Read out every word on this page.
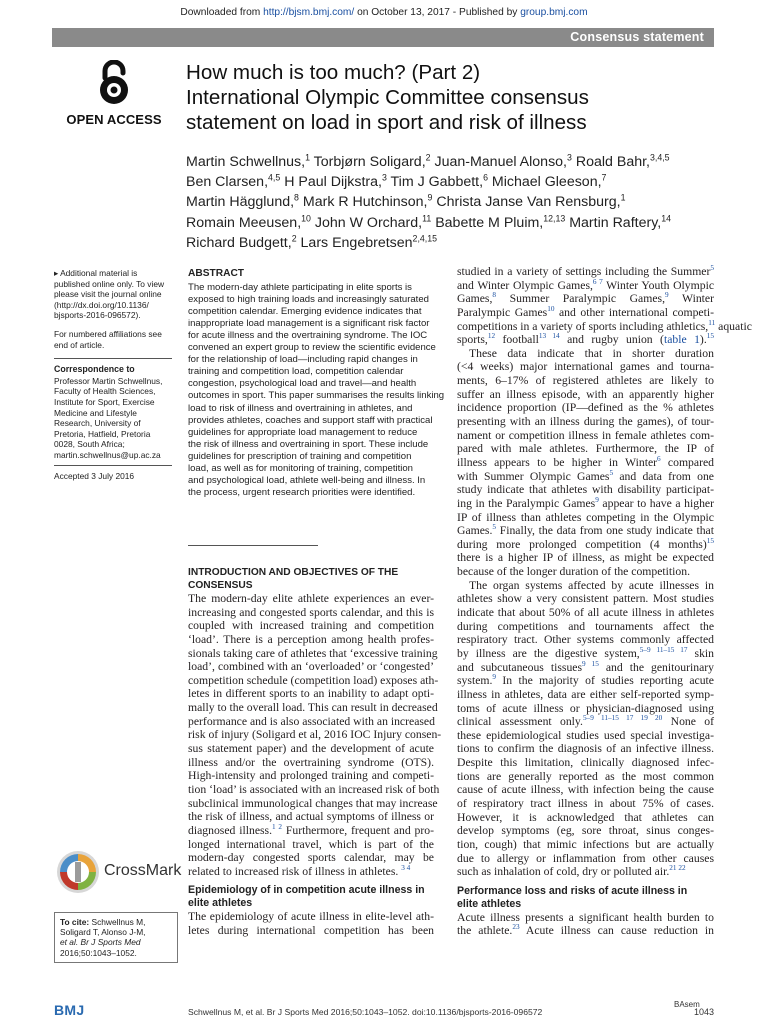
Downloaded from http://bjsm.bmj.com/ on October 13, 2017 - Published by group.bmj.com
Consensus statement
OPEN ACCESS
How much is too much? (Part 2)
International Olympic Committee consensus
statement on load in sport and risk of illness
Martin Schwellnus,$^1$ Torbjørn Soligard,$^2$ Juan-Manuel Alonso,$^3$ Roald Bahr,$^{3,4,5}$
Ben Clarsen,$^{4,5}$ H Paul Dijkstra,$^3$ Tim J Gabbett,$^6$ Michael Gleeson,$^7$
Martin Hägglund,$^8$ Mark R Hutchinson,$^9$ Christa Janse Van Rensburg,$^1$
Romain Meeusen,$^{10}$ John W Orchard,$^{11}$ Babette M Pluim,$^{12,13}$ Martin Raftery,$^{14}$
Richard Budgett,$^2$ Lars Engebretsen$^{2,4,15}$
▸ Additional material is
published online only. To view
please visit the journal online
(http://dx.doi.org/10.1136/
bjsports-2016-096572).
For numbered affiliations see
end of article.
Correspondence to
Professor Martin Schwellnus,
Faculty of Health Sciences,
Institute for Sport, Exercise
Medicine and Lifestyle
Research, University of
Pretoria, Hatfield, Pretoria
0028, South Africa;
martin.schwellnus@up.ac.za
Accepted 3 July 2016
CrossMark
To cite: Schwellnus M,
Soligard T, Alonso J-M,
et al. Br J Sports Med
2016;50:1043–1052.
BMJ
ABSTRACT
The modern-day athlete participating in elite sports is
exposed to high training loads and increasingly saturated
competition calendar. Emerging evidence indicates that
inappropriate load management is a significant risk factor
for acute illness and the overtraining syndrome. The IOC
convened an expert group to review the scientific evidence
for the relationship of load—including rapid changes in
training and competition load, competition calendar
congestion, psychological load and travel—and health
outcomes in sport. This paper summarises the results linking
load to risk of illness and overtraining in athletes, and
provides athletes, coaches and support staff with practical
guidelines for appropriate load management to reduce
the risk of illness and overtraining in sport. These include
guidelines for prescription of training and competition
load, as well as for monitoring of training, competition
and psychological load, athlete well-being and illness. In
the process, urgent research priorities were identified.
INTRODUCTION AND OBJECTIVES OF THE
CONSENSUS
The modern-day elite athlete experiences an ever-
increasing and congested sports calendar, and this is
coupled with increased training and competition
‘load’. There is a perception among health profes-
sionals taking care of athletes that ‘excessive training
load’, combined with an ‘overloaded’ or ‘congested’
competition schedule (competition load) exposes ath-
letes in different sports to an inability to adapt opti-
mally to the overall load. This can result in decreased
performance and is also associated with an increased
risk of injury (Soligard et al, 2016 IOC Injury consen-
sus statement paper) and the development of acute
illness and/or the overtraining syndrome (OTS).
High-intensity and prolonged training and competi-
tion ‘load’ is associated with an increased risk of both
subclinical immunological changes that may increase
the risk of illness, and actual symptoms of illness or
diagnosed illness.$^{1 2}$ Furthermore, frequent and pro-
longed international travel, which is part of the
modern-day congested sports calendar, may be
related to increased risk of illness in athletes. $^{3 4}$
Epidemiology of in competition acute illness in
elite athletes
The epidemiology of acute illness in elite-level ath-
letes during international competition has been
studied in a variety of settings including the Summer$^5$
and Winter Olympic Games,$^{6 7}$ Winter Youth Olympic
Games,$^8$ Summer Paralympic Games,$^9$ Winter
Paralympic Games$^{10}$ and other international competi-
competitions in a variety of sports including athletics,$^{11}$ aquatic
sports,$^{12}$ football$^{13 14}$ and rugby union (table 1).$^{15}$
These data indicate that in shorter duration
(<4 weeks) major international games and tourna-
ments, 6–17% of registered athletes are likely to
suffer an illness episode, with an apparently higher
incidence proportion (IP—defined as the % athletes
presenting with an illness during the games), of tour-
nament or competition illness in female athletes com-
pared with male athletes. Furthermore, the IP of
illness appears to be higher in Winter$^6$ compared
with Summer Olympic Games$^5$ and data from one
study indicate that athletes with disability participat-
ing in the Paralympic Games$^9$ appear to have a higher
IP of illness than athletes competing in the Olympic
Games.$^5$ Finally, the data from one study indicate that
during more prolonged competition (4 months)$^{15}$
there is a higher IP of illness, as might be expected
because of the longer duration of the competition.
The organ systems affected by acute illnesses in
athletes show a very consistent pattern. Most studies
indicate that about 50% of all acute illness in athletes
during competitions and tournaments affect the
respiratory tract. Other systems commonly affected
by illness are the digestive system,$^{5-9 11-15 17}$ skin
and subcutaneous tissues$^{9 15}$ and the genitourinary
system.$^9$ In the majority of studies reporting acute
illness in athletes, data are either self-reported symp-
toms of acute illness or physician-diagnosed using
clinical assessment only.$^{5-9 11-15 17 19 20}$ None of
these epidemiological studies used special investiga-
tions to confirm the diagnosis of an infective illness.
Despite this limitation, clinically diagnosed infec-
tions are generally reported as the most common
cause of acute illness, with infection being the cause
of respiratory tract illness in about 75% of cases.
However, it is acknowledged that athletes can
develop symptoms (eg, sore throat, sinus conges-
tion, cough) that mimic infections but are actually
due to allergy or inflammation from other causes
such as inhalation of cold, dry or polluted air.$^{21 22}$
Performance loss and risks of acute illness in
elite athletes
Acute illness presents a significant health burden to
the athlete.$^{23}$ Acute illness can cause reduction in
Schwellnus M, et al. Br J Sports Med 2016;50:1043–1052. doi:10.1136/bjsports-2016-096572
BAsem
1043
